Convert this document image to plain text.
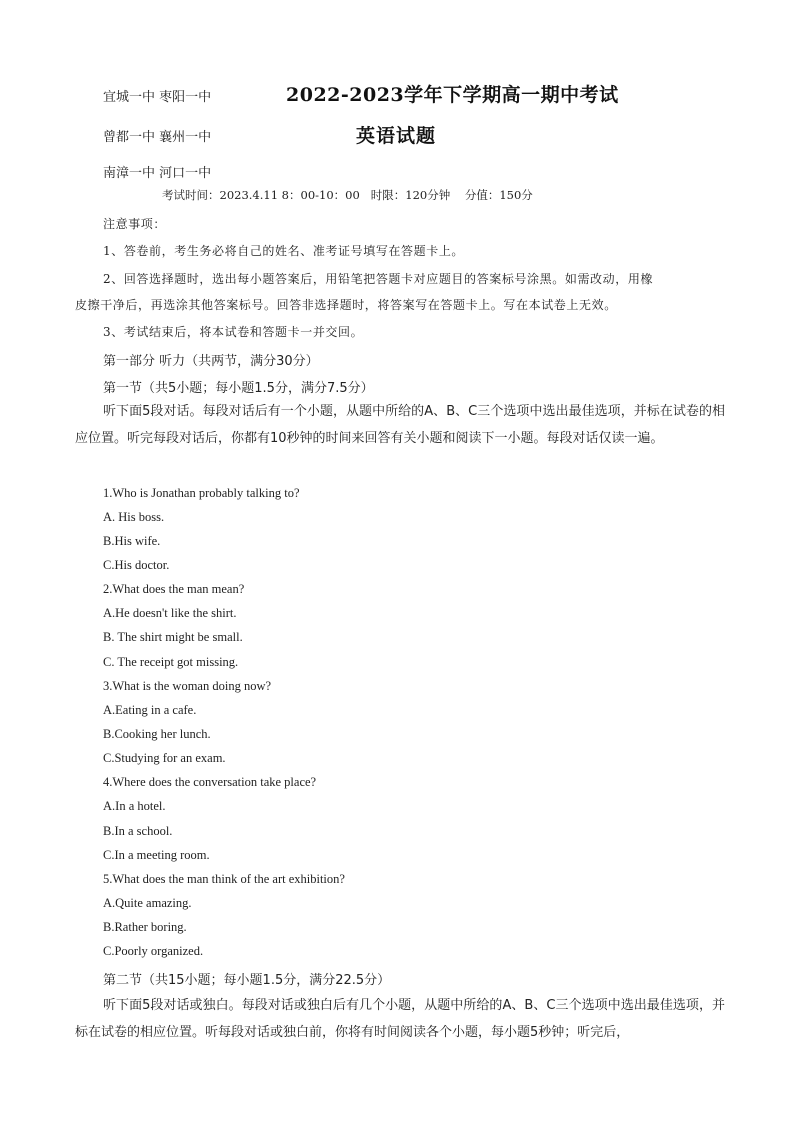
宜城一中 枣阳一中
曾都一中 襄州一中
南漳一中 河口一中
2022-2023学年下学期高一期中考试
英语试题
考试时间：2023.4.11 8：00-10：00   时限：120分钟    分值：150分
注意事项：
1、答卷前，考生务必将自己的姓名、准考证号填写在答题卡上。
2、回答选择题时，选出每小题答案后，用铅笔把答题卡对应题目的答案标号涂黑。如需改动，用橡
皮擦干净后，再选涂其他答案标号。回答非选择题时，将答案写在答题卡上。写在本试卷上无效。
3、考试结束后，将本试卷和答题卡一并交回。
第一部分 听力（共两节，满分30分）
第一节（共5小题；每小题1.5分，满分7.5分）
听下面5段对话。每段对话后有一个小题，从题中所给的A、B、C三个选项中选出最佳选项，并标在试卷的相应位置。听完每段对话后，你都有10秒钟的时间来回答有关小题和阅读下一小题。每段对话仅读一遍。
1.Who is Jonathan probably talking to?
A. His boss.
B.His wife.
C.His doctor.
2.What does the man mean?
A.He doesn't like the shirt.
B. The shirt might be small.
C. The receipt got missing.
3.What is the woman doing now?
A.Eating in a cafe.
B.Cooking her lunch.
C.Studying for an exam.
4.Where does the conversation take place?
A.In a hotel.
B.In a school.
C.In a meeting room.
5.What does the man think of the art exhibition?
A.Quite amazing.
B.Rather boring.
C.Poorly organized.
第二节（共15小题；每小题1.5分，满分22.5分）
听下面5段对话或独白。每段对话或独白后有几个小题，从题中所给的A、B、C三个选项中选出最佳选项，并标在试卷的相应位置。听每段对话或独白前，你将有时间阅读各个小题，每小题5秒钟；听完后，
